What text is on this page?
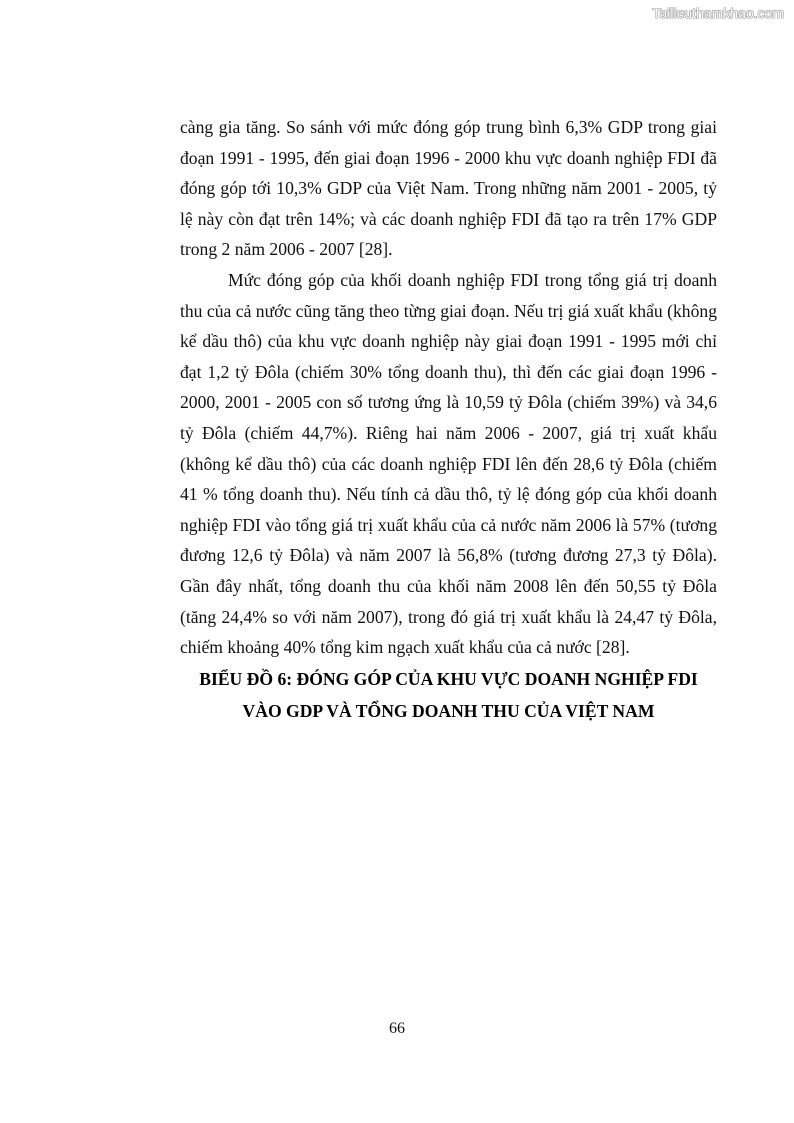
Tailieuthamkhao.com

càng gia tăng. So sánh với mức đóng góp trung bình 6,3% GDP trong giai đoạn 1991 - 1995, đến giai đoạn 1996 - 2000 khu vực doanh nghiệp FDI đã đóng góp tới 10,3% GDP của Việt Nam. Trong những năm 2001 - 2005, tỷ lệ này còn đạt trên 14%; và các doanh nghiệp FDI đã tạo ra trên 17% GDP trong 2 năm 2006 - 2007 [28].

Mức đóng góp của khối doanh nghiệp FDI trong tổng giá trị doanh thu của cả nước cũng tăng theo từng giai đoạn. Nếu trị giá xuất khẩu (không kể dầu thô) của khu vực doanh nghiệp này giai đoạn 1991 - 1995 mới chỉ đạt 1,2 tỷ Đôla (chiếm 30% tổng doanh thu), thì đến các giai đoạn 1996 - 2000, 2001 - 2005 con số tương ứng là 10,59 tỷ Đôla (chiếm 39%) và 34,6 tỷ Đôla (chiếm 44,7%). Riêng hai năm 2006 - 2007, giá trị xuất khẩu (không kể dầu thô) của các doanh nghiệp FDI lên đến 28,6 tỷ Đôla (chiếm 41 % tổng doanh thu). Nếu tính cả dầu thô, tỷ lệ đóng góp của khối doanh nghiệp FDI vào tổng giá trị xuất khẩu của cả nước năm 2006 là 57% (tương đương 12,6 tỷ Đôla) và năm 2007 là 56,8% (tương đương 27,3 tỷ Đôla). Gần đây nhất, tổng doanh thu của khối năm 2008 lên đến 50,55 tỷ Đôla (tăng 24,4% so với năm 2007), trong đó giá trị xuất khẩu là 24,47 tỷ Đôla, chiếm khoảng 40% tổng kim ngạch xuất khẩu của cả nước [28].

BIỂU ĐỒ 6: ĐÓNG GÓP CỦA KHU VỰC DOANH NGHIỆP FDI
VÀO GDP VÀ TỔNG DOANH THU CỦA VIỆT NAM
66
